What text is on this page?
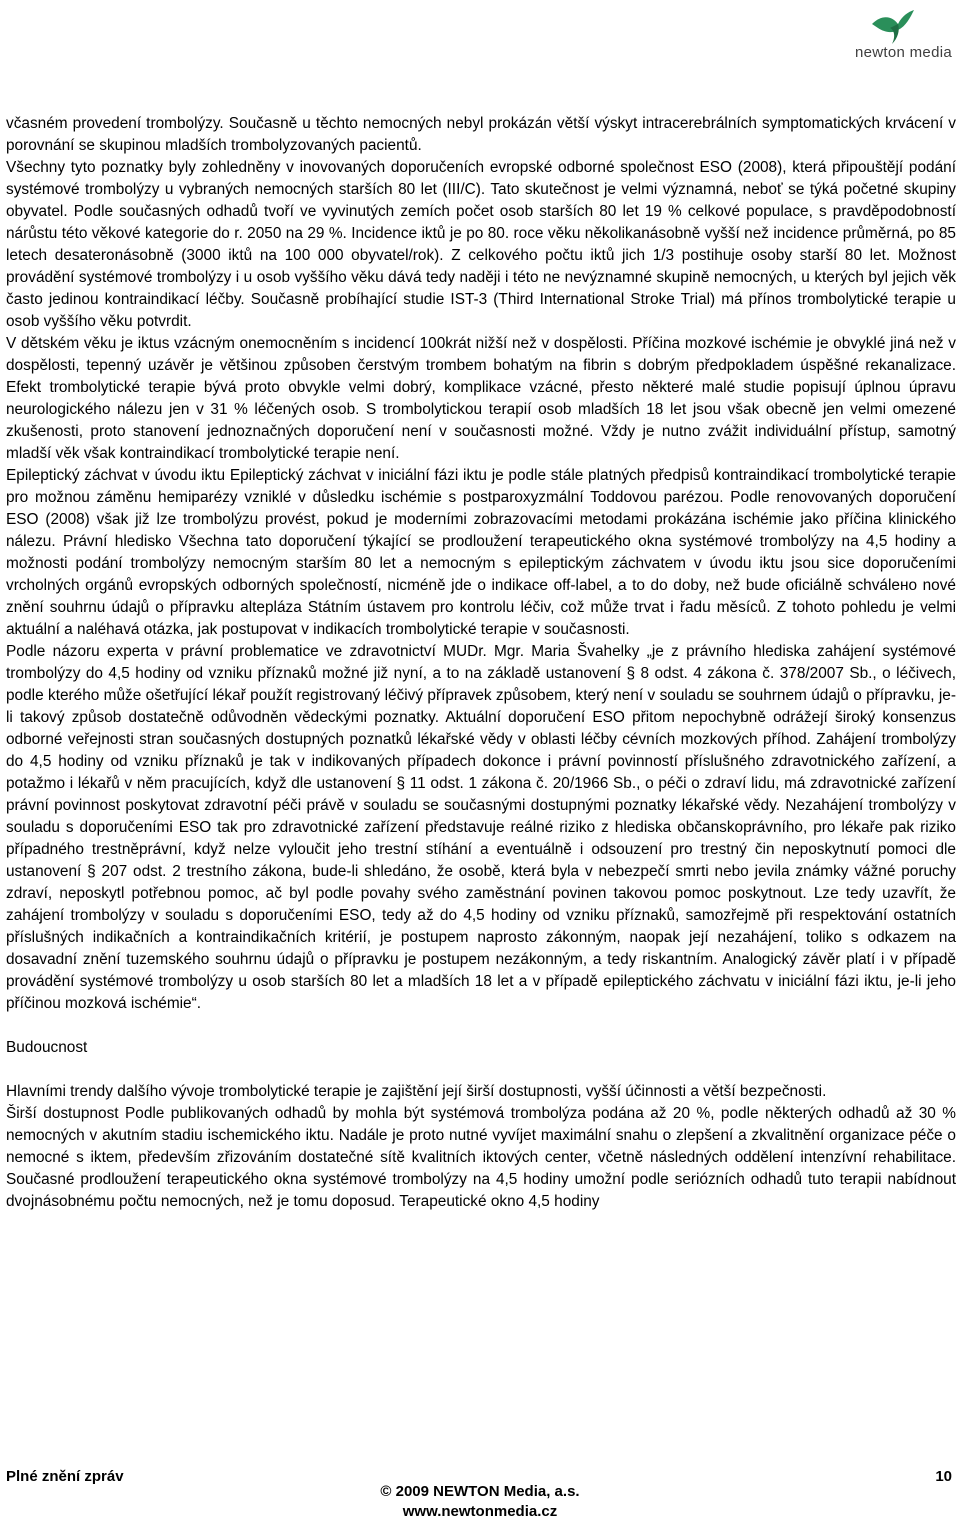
newton media

včasném provedení trombolýzy. Současně u těchto nemocných nebyl prokázán větší výskyt intracerebrálních symptomatických krvácení v porovnání se skupinou mladších trombolyzovaných pacientů.

Všechny tyto poznatky byly zohledněny v inovovaných doporučeních evropské odborné společnost ESO (2008), která připouštějí podání systémové trombolýzy u vybraných nemocných starších 80 let (III/C). Tato skutečnost je velmi významná, neboť se týká početné skupiny obyvatel. Podle současných odhadů tvoří ve vyvinutých zemích počet osob starších 80 let 19 % celkové populace, s pravděpodobností nárůstu této věkové kategorie do r. 2050 na 29 %. Incidence iktů je po 80. roce věku několikanásobně vyšší než incidence průměrná, po 85 letech desateronásobně (3000 iktů na 100 000 obyvatel/rok). Z celkového počtu iktů jich 1/3 postihuje osoby starší 80 let. Možnost provádění systémové trombolýzy i u osob vyššího věku dává tedy naději i této ne nevýznamné skupině nemocných, u kterých byl jejich věk často jedinou kontraindikací léčby. Současně probíhající studie IST-3 (Third International Stroke Trial) má přínos trombolytické terapie u osob vyššího věku potvrdit.

V dětském věku je iktus vzácným onemocněním s incidencí 100krát nižší než v dospělosti. Příčina mozkové ischémie je obvyklé jiná než v dospělosti, tepenný uzávěr je většinou způsoben čerstvým trombem bohatým na fibrin s dobrým předpokladem úspěšné rekanalizace. Efekt trombolytické terapie bývá proto obvykle velmi dobrý, komplikace vzácné, přesto některé malé studie popisují úplnou úpravu neurologického nálezu jen v 31 % léčených osob. S trombolytickou terapií osob mladších 18 let jsou však obecně jen velmi omezené zkušenosti, proto stanovení jednoznačných doporučení není v současnosti možné. Vždy je nutno zvážit individuální přístup, samotný mladší věk však kontraindikací trombolytické terapie není.

Epileptický záchvat v úvodu iktu Epileptický záchvat v iniciální fázi iktu je podle stále platných předpisů kontraindikací trombolytické terapie pro možnou záměnu hemiparézy vzniklé v důsledku ischémie s postparoxyzmální Toddovou parézou. Podle renovovaných doporučení ESO (2008) však již lze trombolýzu provést, pokud je moderními zobrazovacími metodami prokázána ischémie jako příčina klinického nálezu. Právní hledisko Všechna tato doporučení týkající se prodloužení terapeutického okna systémové trombolýzy na 4,5 hodiny a možnosti podání trombolýzy nemocným starším 80 let a nemocným s epileptickým záchvatem v úvodu iktu jsou sice doporučeními vrcholných orgánů evropských odborných společností, nicméně jde o indikace off-label, a to do doby, než bude oficiálně schválено nové znění souhrnu údajů o přípravku altepláza Státním ústavem pro kontrolu léčiv, což může trvat i řadu měsíců. Z tohoto pohledu je velmi aktuální a naléhavá otázka, jak postupovat v indikacích trombolytické terapie v současnosti.

Podle názoru experta v právní problematice ve zdravotnictví MUDr. Mgr. Maria Švahelky „je z právního hlediska zahájení systémové trombolýzy do 4,5 hodiny od vzniku příznaků možné již nyní, a to na základě ustanovení § 8 odst. 4 zákona č. 378/2007 Sb., o léčivech, podle kterého může ošetřující lékař použít registrovaný léčivý přípravek způsobem, který není v souladu se souhrnem údajů o přípravku, je-li takový způsob dostatečně odůvodněn vědeckými poznatky. Aktuální doporučení ESO přitom nepochybně odrážejí široký konsenzus odborné veřejnosti stran současných dostupných poznatků lékařské vědy v oblasti léčby cévních mozkových příhod. Zahájení trombolýzy do 4,5 hodiny od vzniku příznaků je tak v indikovaných případech dokonce i právní povinností příslušného zdravotnického zařízení, a potažmo i lékařů v něm pracujících, když dle ustanovení § 11 odst. 1 zákona č. 20/1966 Sb., o péči o zdraví lidu, má zdravotnické zařízení právní povinnost poskytovat zdravotní péči právě v souladu se současnými dostupnými poznatky lékařské vědy. Nezahájení trombolýzy v souladu s doporučeními ESO tak pro zdravotnické zařízení představuje reálné riziko z hlediska občanskoprávního, pro lékaře pak riziko případného trestněprávní, když nelze vyloučit jeho trestní stíhání a eventuálně i odsouzení pro trestný čin neposkytnutí pomoci dle ustanovení § 207 odst. 2 trestního zákona, bude-li shledáno, že osobě, která byla v nebezpečí smrti nebo jevila známky vážné poruchy zdraví, neposkytl potřebnou pomoc, ač byl podle povahy svého zaměstnání povinen takovou pomoc poskytnout. Lze tedy uzavřít, že zahájení trombolýzy v souladu s doporučeními ESO, tedy až do 4,5 hodiny od vzniku příznaků, samozřejmě při respektování ostatních příslušných indikačních a kontraindikačních kritérií, je postupem naprosto zákonným, naopak její nezahájení, toliko s odkazem na dosavadní znění tuzemského souhrnu údajů o přípravku je postupem nezákonným, a tedy riskantním. Analogický závěr platí i v případě provádění systémové trombolýzy u osob starších 80 let a mladších 18 let a v případě epileptického záchvatu v iniciální fázi iktu, je-li jeho příčinou mozková ischémie“.

Budoucnost

Hlavními trendy dalšího vývoje trombolytické terapie je zajištění její širší dostupnosti, vyšší účinnosti a větší bezpečnosti.

Širší dostupnost Podle publikovaných odhadů by mohla být systémová trombolýza podána až 20 %, podle některých odhadů až 30 % nemocných v akutním stadiu ischemického iktu. Nadále je proto nutné vyvíjet maximální snahu o zlepšení a zkvalitnění organizace péče o nemocné s iktem, především zřizováním dostatečné sítě kvalitních iktových center, včetně následných oddělení intenzívní rehabilitace. Současné prodloužení terapeutického okna systémové trombolýzy na 4,5 hodiny umožní podle seriózních odhadů tuto terapii nabídnout dvojnásobnému počtu nemocných, než je tomu doposud. Terapeutické okno 4,5 hodiny

Plné znění zpráv	10
© 2009 NEWTON Media, a.s.
www.newtonmedia.cz
